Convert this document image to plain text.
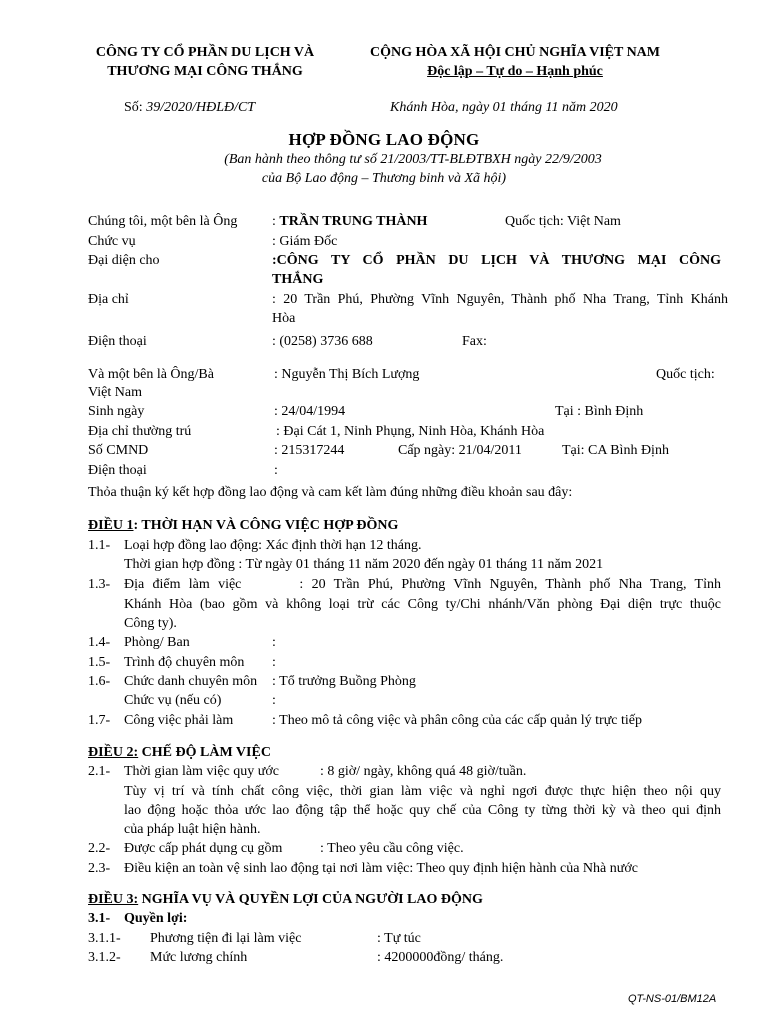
CÔNG TY CỔ PHẦN DU LỊCH VÀ
THƯƠNG MẠI CÔNG THẮNG
CỘNG HÒA XÃ HỘI CHỦ NGHĨA VIỆT NAM
Độc lập – Tự do – Hạnh phúc
Số: 39/2020/HĐLĐ/CT	Khánh Hòa, ngày 01 tháng 11 năm 2020
HỢP ĐỒNG LAO ĐỘNG
(Ban hành theo thông tư số 21/2003/TT-BLĐTBXH ngày 22/9/2003
của Bộ Lao động – Thương binh và Xã hội)
Chúng tôi, một bên là Ông : TRẦN TRUNG THÀNH	Quốc tịch: Việt Nam
Chức vụ	: Giám Đốc
Đại diện cho	:CÔNG TY CỔ PHẦN DU LỊCH VÀ THƯƠNG MẠI CÔNG
THẮNG
Địa chỉ	: 20 Trần Phú, Phường Vĩnh Nguyên, Thành phố Nha Trang, Tỉnh Khánh
Hòa
Điện thoại	: (0258) 3736 688	Fax:
Và một bên là Ông/Bà	: Nguyễn Thị Bích Lượng	Quốc tịch:
Việt Nam
Sinh ngày	: 24/04/1994	Tại : Bình Định
Địa chỉ thường trú	: Đại Cát 1, Ninh Phụng, Ninh Hòa, Khánh Hòa
Số CMND	: 215317244	Cấp ngày: 21/04/2011	Tại: CA Bình Định
Điện thoại	:
Thỏa thuận ký kết hợp đồng lao động và cam kết làm đúng những điều khoản sau đây:
ĐIỀU 1: THỜI HẠN VÀ CÔNG VIỆC HỢP ĐỒNG
1.1- Loại hợp đồng lao động: Xác định thời hạn 12 tháng.
Thời gian hợp đồng : Từ ngày 01 tháng 11 năm 2020 đến ngày 01 tháng 11 năm 2021
1.3- Địa điểm làm việc       : 20 Trần Phú, Phường Vĩnh Nguyên, Thành phố Nha Trang, Tỉnh
Khánh Hòa (bao gồm và không loại trừ các Công ty/Chi nhánh/Văn phòng Đại diện trực thuộc
Công ty).
1.4- Phòng/ Ban	:
1.5- Trình độ chuyên môn :
1.6- Chức danh chuyên môn : Tổ trưởng Buồng Phòng
Chức vụ (nếu có)	:
1.7- Công việc phải làm	: Theo mô tả công việc và phân công của các cấp quản lý trực tiếp
ĐIỀU 2: CHẾ ĐỘ LÀM VIỆC
2.1- Thời gian làm việc quy ước	: 8 giờ/ ngày, không quá 48 giờ/tuần.
Tùy vị trí và tính chất công việc, thời gian làm việc và nghỉ ngơi được thực hiện theo nội quy
lao động hoặc thỏa ước lao động tập thể hoặc quy chế của Công ty từng thời kỳ và theo qui định
của pháp luật hiện hành.
2.2- Được cấp phát dụng cụ gồm	: Theo yêu cầu công việc.
2.3- Điều kiện an toàn vệ sinh lao động tại nơi làm việc: Theo quy định hiện hành của Nhà nước
ĐIỀU 3: NGHĨA VỤ VÀ QUYỀN LỢI CỦA NGƯỜI LAO ĐỘNG
3.1- Quyền lợi:
3.1.1- Phương tiện đi lại làm việc	: Tự túc
3.1.2- Mức lương chính	: 4200000đồng/ tháng.
QT-NS-01/BM12A
